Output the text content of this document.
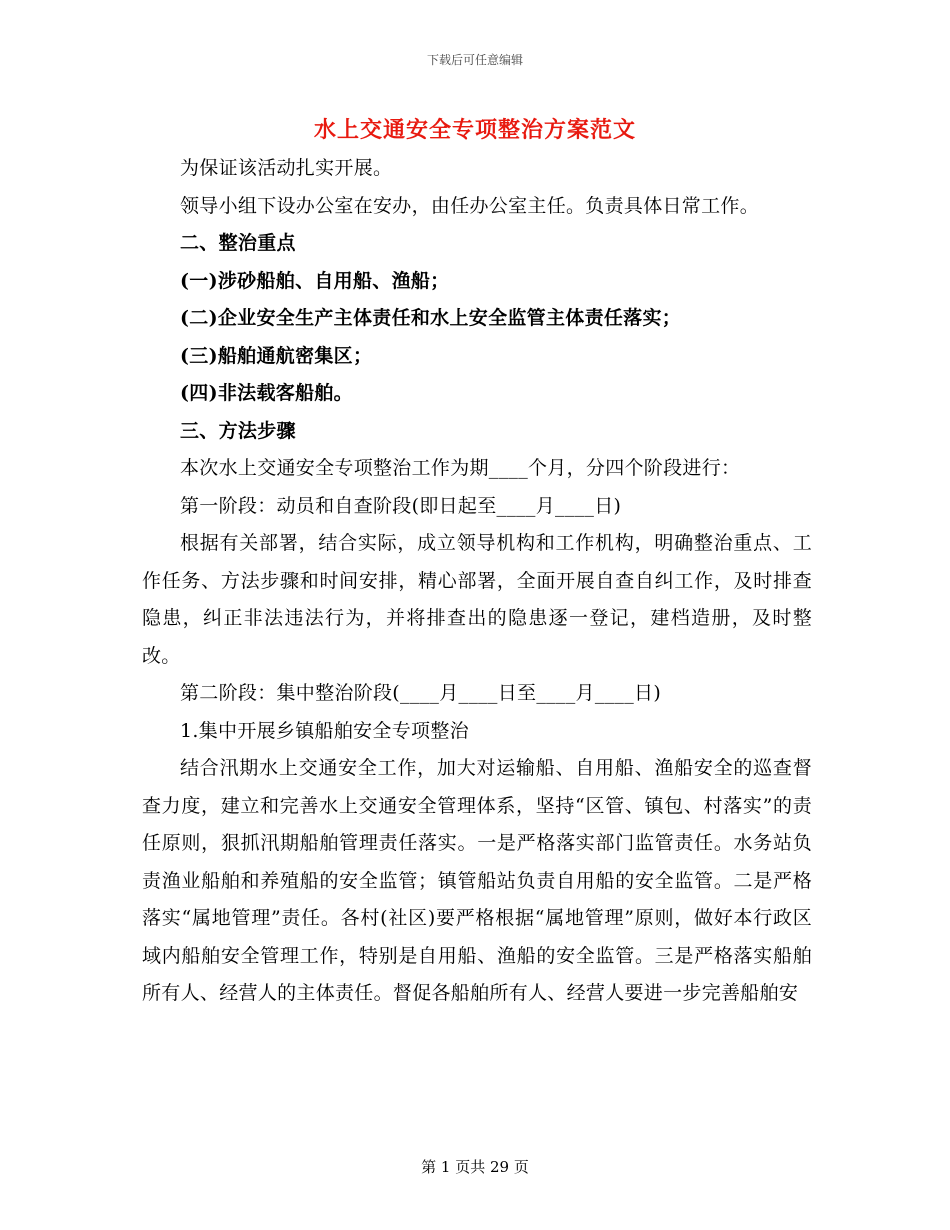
下载后可任意编辑
水上交通安全专项整治方案范文

为保证该活动扎实开展。

领导小组下设办公室在安办，由任办公室主任。负责具体日常工作。

二、整治重点

(一)涉砂船舶、自用船、渔船；

(二)企业安全生产主体责任和水上安全监管主体责任落实；

(三)船舶通航密集区；

(四)非法载客船舶。

三、方法步骤

本次水上交通安全专项整治工作为期____个月，分四个阶段进行：

第一阶段：动员和自查阶段(即日起至____月____日)

根据有关部署，结合实际，成立领导机构和工作机构，明确整治重点、工作任务、方法步骤和时间安排，精心部署，全面开展自查自纠工作，及时排查隐患，纠正非法违法行为，并将排查出的隐患逐一登记，建档造册，及时整改。

第二阶段：集中整治阶段(____月____日至____月____日)

1.集中开展乡镇船舶安全专项整治

结合汛期水上交通安全工作，加大对运输船、自用船、渔船安全的巡查督查力度，建立和完善水上交通安全管理体系，坚持“区管、镇包、村落实”的责任原则，狠抓汛期船舶管理责任落实。一是严格落实部门监管责任。水务站负责渔业船舶和养殖船的安全监管；镇管船站负责自用船的安全监管。二是严格落实“属地管理”责任。各村(社区)要严格根据“属地管理”原则，做好本行政区域内船舶安全管理工作，特别是自用船、渔船的安全监管。三是严格落实船舶所有人、经营人的主体责任。督促各船舶所有人、经营人要进一步完善船舶安

第 1 页共 29 页
